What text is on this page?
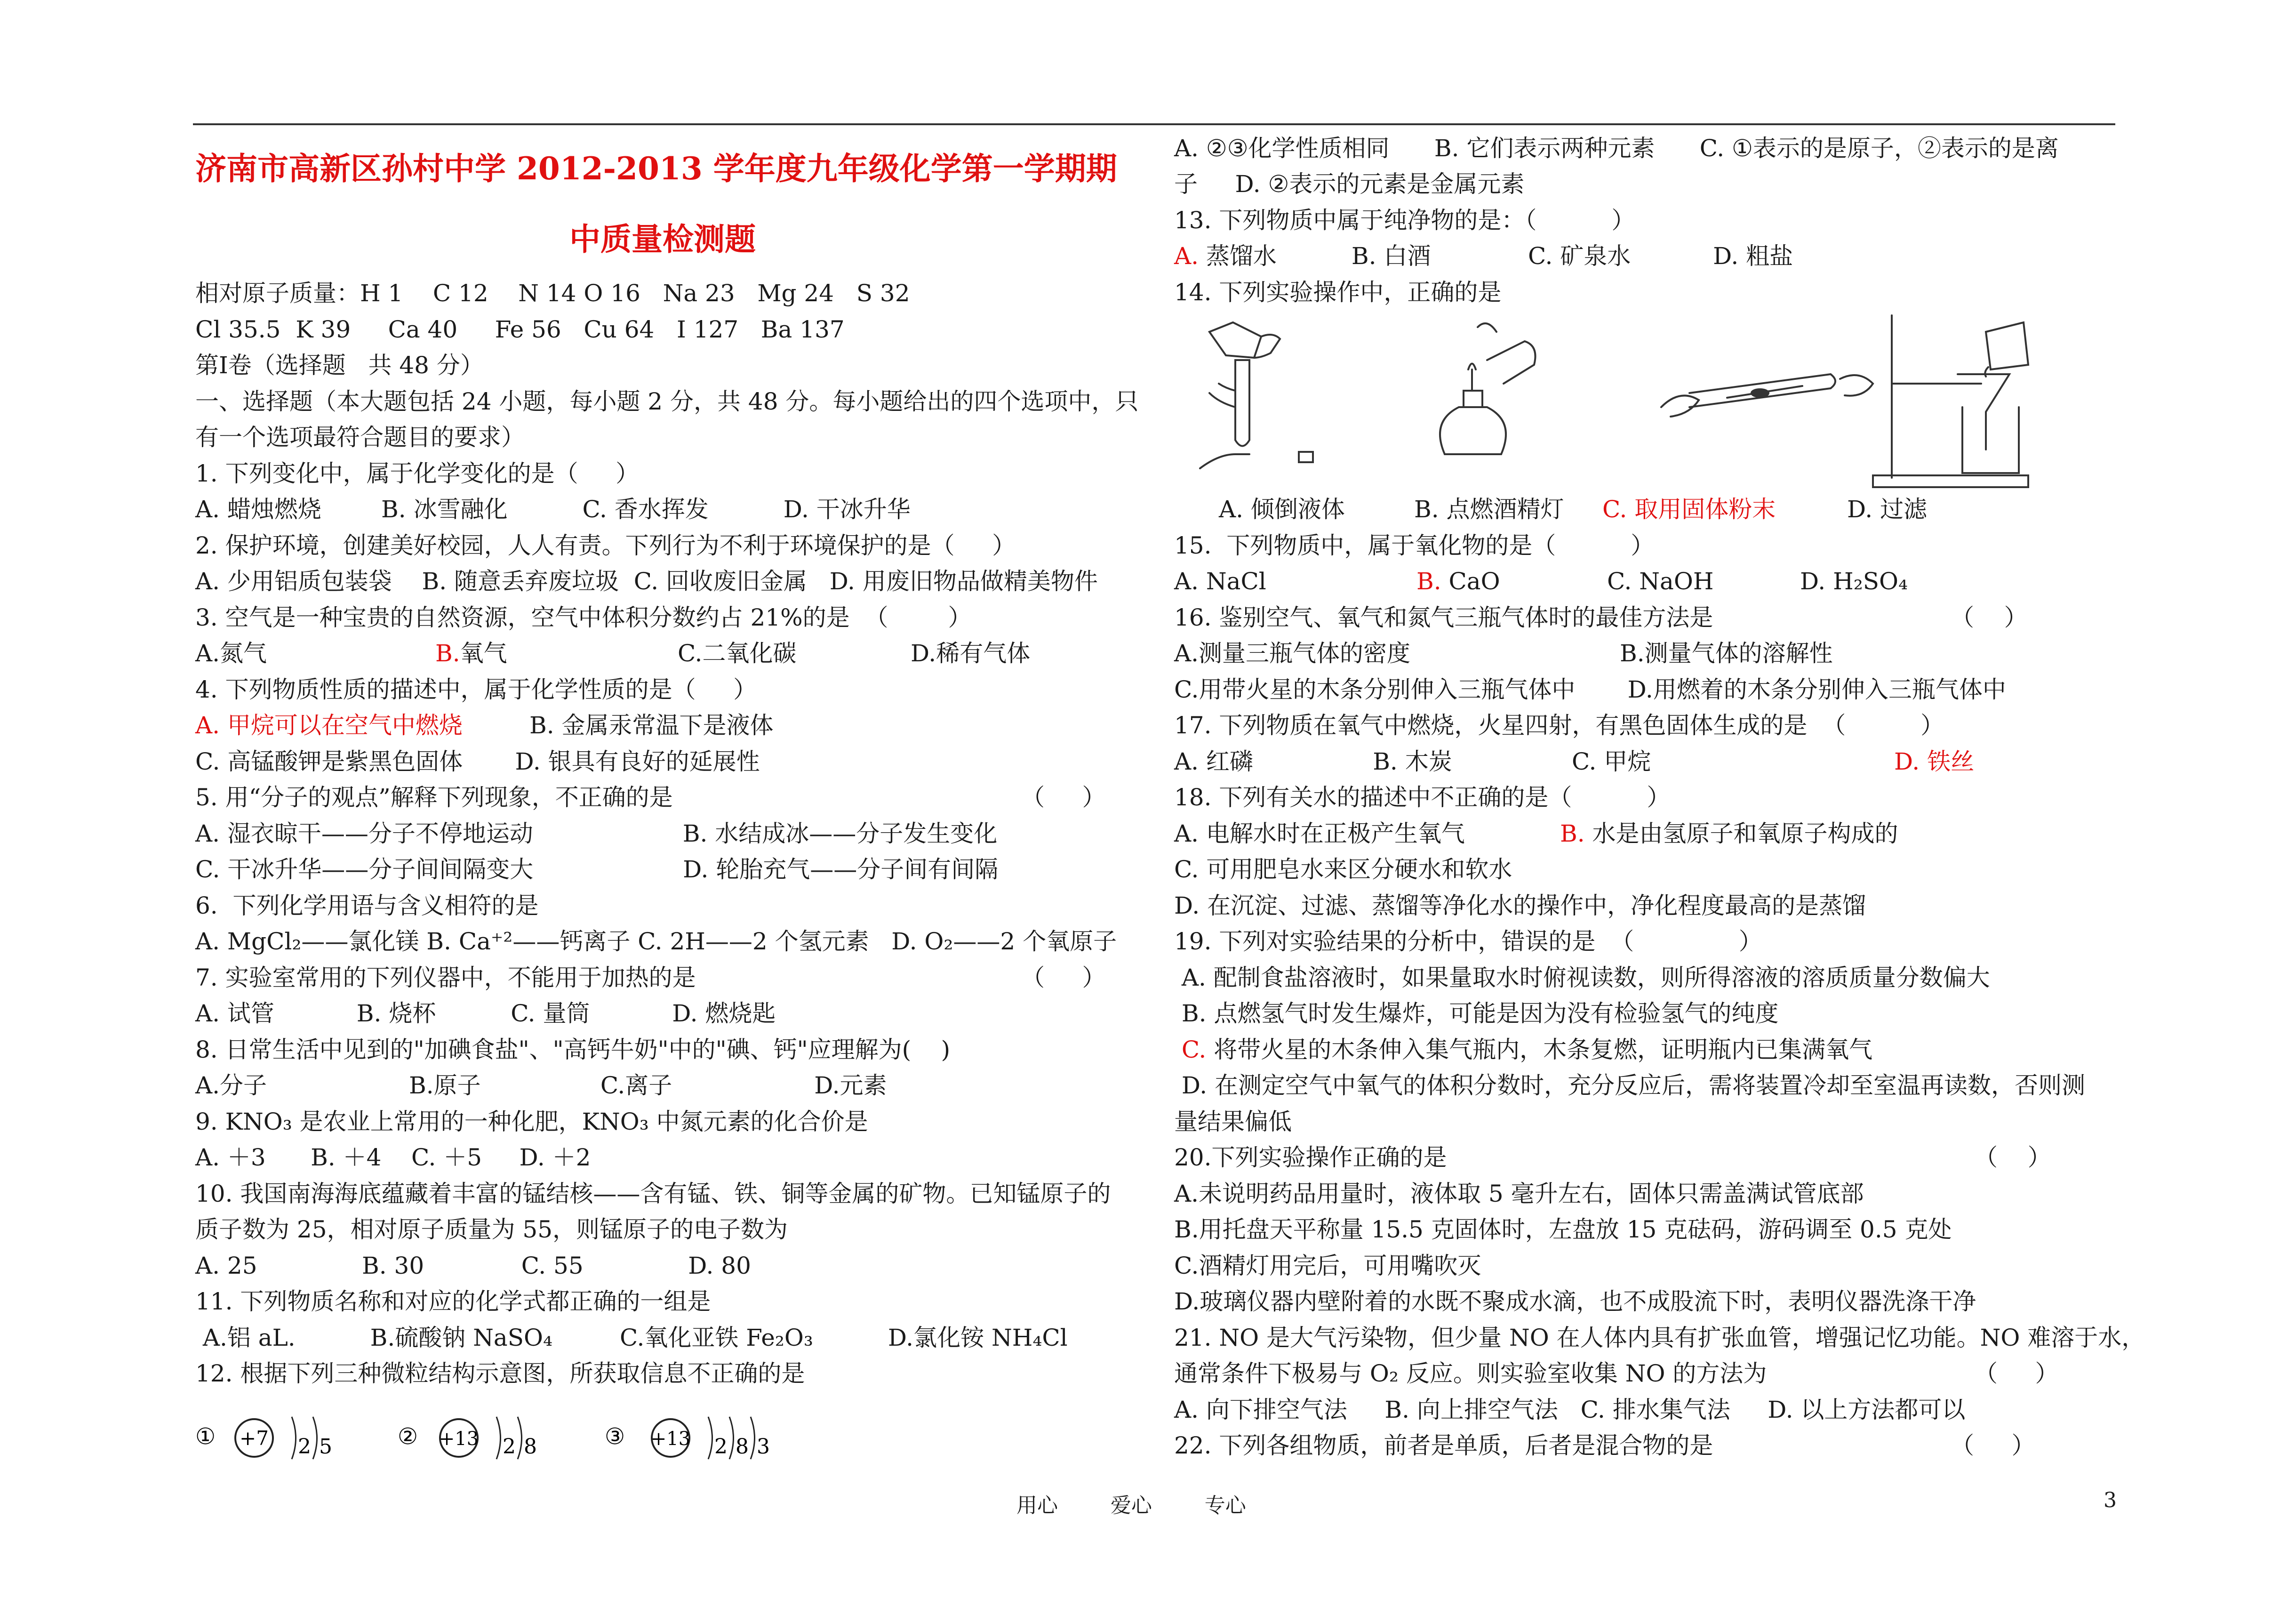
济南市高新区孙村中学 2012-2013 学年度九年级化学第一学期期
中质量检测题
相对原子质量：H 1    C 12    N 14 O 16   Na 23   Mg 24   S 32
Cl 35.5  K 39     Ca 40     Fe 56   Cu 64   I 127   Ba 137
第Ⅰ卷（选择题   共 48 分）
一、选择题（本大题包括 24 小题，每小题 2 分，共 48 分。每小题给出的四个选项中，只
有一个选项最符合题目的要求）
1. 下列变化中，属于化学变化的是（     ）
A. 蜡烛燃烧        B. 冰雪融化          C. 香水挥发          D. 干冰升华
2. 保护环境，创建美好校园，人人有责。下列行为不利于环境保护的是（     ）
A. 少用铝质包装袋    B. 随意丢弃废垃圾  C. 回收废旧金属   D. 用废旧物品做精美物件
3. 空气是一种宝贵的自然资源，空气中体积分数约占 21%的是  （        ）
A.氮气	B.氧气	C.二氧化碳	D.稀有气体
4. 下列物质性质的描述中，属于化学性质的是（     ）
A. 甲烷可以在空气中燃烧	B. 金属汞常温下是液体
C. 高锰酸钾是紫黑色固体       D. 银具有良好的延展性
5. 用“分子的观点”解释下列现象，不正确的是	（     ）
A. 湿衣晾干——分子不停地运动                    B. 水结成冰——分子发生变化
C. 干冰升华——分子间间隔变大                    D. 轮胎充气——分子间有间隔
6.  下列化学用语与含义相符的是
A. MgCl₂——氯化镁 B. Ca⁺²——钙离子 C. 2H——2 个氢元素   D. O₂——2 个氧原子
7. 实验室常用的下列仪器中，不能用于加热的是	（     ）
A. 试管           B. 烧杯          C. 量筒           D. 燃烧匙
8. 日常生活中见到的"加碘食盐"、"高钙牛奶"中的"碘、钙"应理解为(    )
A.分子                   B.原子                C.离子                   D.元素
9. KNO₃ 是农业上常用的一种化肥，KNO₃ 中氮元素的化合价是
A. ＋3      B. ＋4    C. ＋5     D. ＋2
10. 我国南海海底蕴藏着丰富的锰结核——含有锰、铁、铜等金属的矿物。已知锰原子的
质子数为 25，相对原子质量为 55，则锰原子的电子数为
A. 25              B. 30             C. 55              D. 80
11. 下列物质名称和对应的化学式都正确的一组是
A.铝 aL.          B.硫酸钠 NaSO₄         C.氧化亚铁 Fe₂O₃          D.氯化铵 NH₄Cl
12. 根据下列三种微粒结构示意图，所获取信息不正确的是
① +7 2 5	② +13 2 8	③ +13 2 8 3
A. ②③化学性质相同      B. 它们表示两种元素      C. ①表示的是原子，②表示的是离
子     D. ②表示的元素是金属元素
13. 下列物质中属于纯净物的是：（          ）
A. 蒸馏水          B. 白酒             C. 矿泉水           D. 粗盐
14. 下列实验操作中，正确的是
A. 倾倒液体	B. 点燃酒精灯 C. 取用固体粉末	D. 过滤
15.  下列物质中，属于氧化物的是（          ）
A. NaCl	B. CaO	C. NaOH	D. H₂SO₄
16. 鉴别空气、氧气和氮气三瓶气体时的最佳方法是	（    ）
A.测量三瓶气体的密度                            B.测量气体的溶解性
C.用带火星的木条分别伸入三瓶气体中       D.用燃着的木条分别伸入三瓶气体中
17. 下列物质在氧气中燃烧，火星四射，有黑色固体生成的是  （          ）
A. 红磷                B. 木炭                C. 甲烷	D. 铁丝
18. 下列有关水的描述中不正确的是（          ）
A. 电解水时在正极产生氧气	B. 水是由氢原子和氧原子构成的
C. 可用肥皂水来区分硬水和软水
D. 在沉淀、过滤、蒸馏等净化水的操作中，净化程度最高的是蒸馏
19. 下列对实验结果的分析中，错误的是  （              ）
A. 配制食盐溶液时，如果量取水时俯视读数，则所得溶液的溶质质量分数偏大
B. 点燃氢气时发生爆炸，可能是因为没有检验氢气的纯度
C. 将带火星的木条伸入集气瓶内，木条复燃，证明瓶内已集满氧气
D. 在测定空气中氧气的体积分数时，充分反应后，需将装置冷却至室温再读数，否则测
量结果偏低
20.下列实验操作正确的是	（    ）
A.未说明药品用量时，液体取 5 毫升左右，固体只需盖满试管底部
B.用托盘天平称量 15.5 克固体时，左盘放 15 克砝码，游码调至 0.5 克处
C.酒精灯用完后，可用嘴吹灭
D.玻璃仪器内壁附着的水既不聚成水滴，也不成股流下时，表明仪器洗涤干净
21. NO 是大气污染物，但少量 NO 在人体内具有扩张血管，增强记忆功能。NO 难溶于水，
通常条件下极易与 O₂ 反应。则实验室收集 NO 的方法为	（     ）
A. 向下排空气法     B. 向上排空气法   C. 排水集气法     D. 以上方法都可以
22. 下列各组物质，前者是单质，后者是混合物的是	（     ）
用心        爱心        专心	3
